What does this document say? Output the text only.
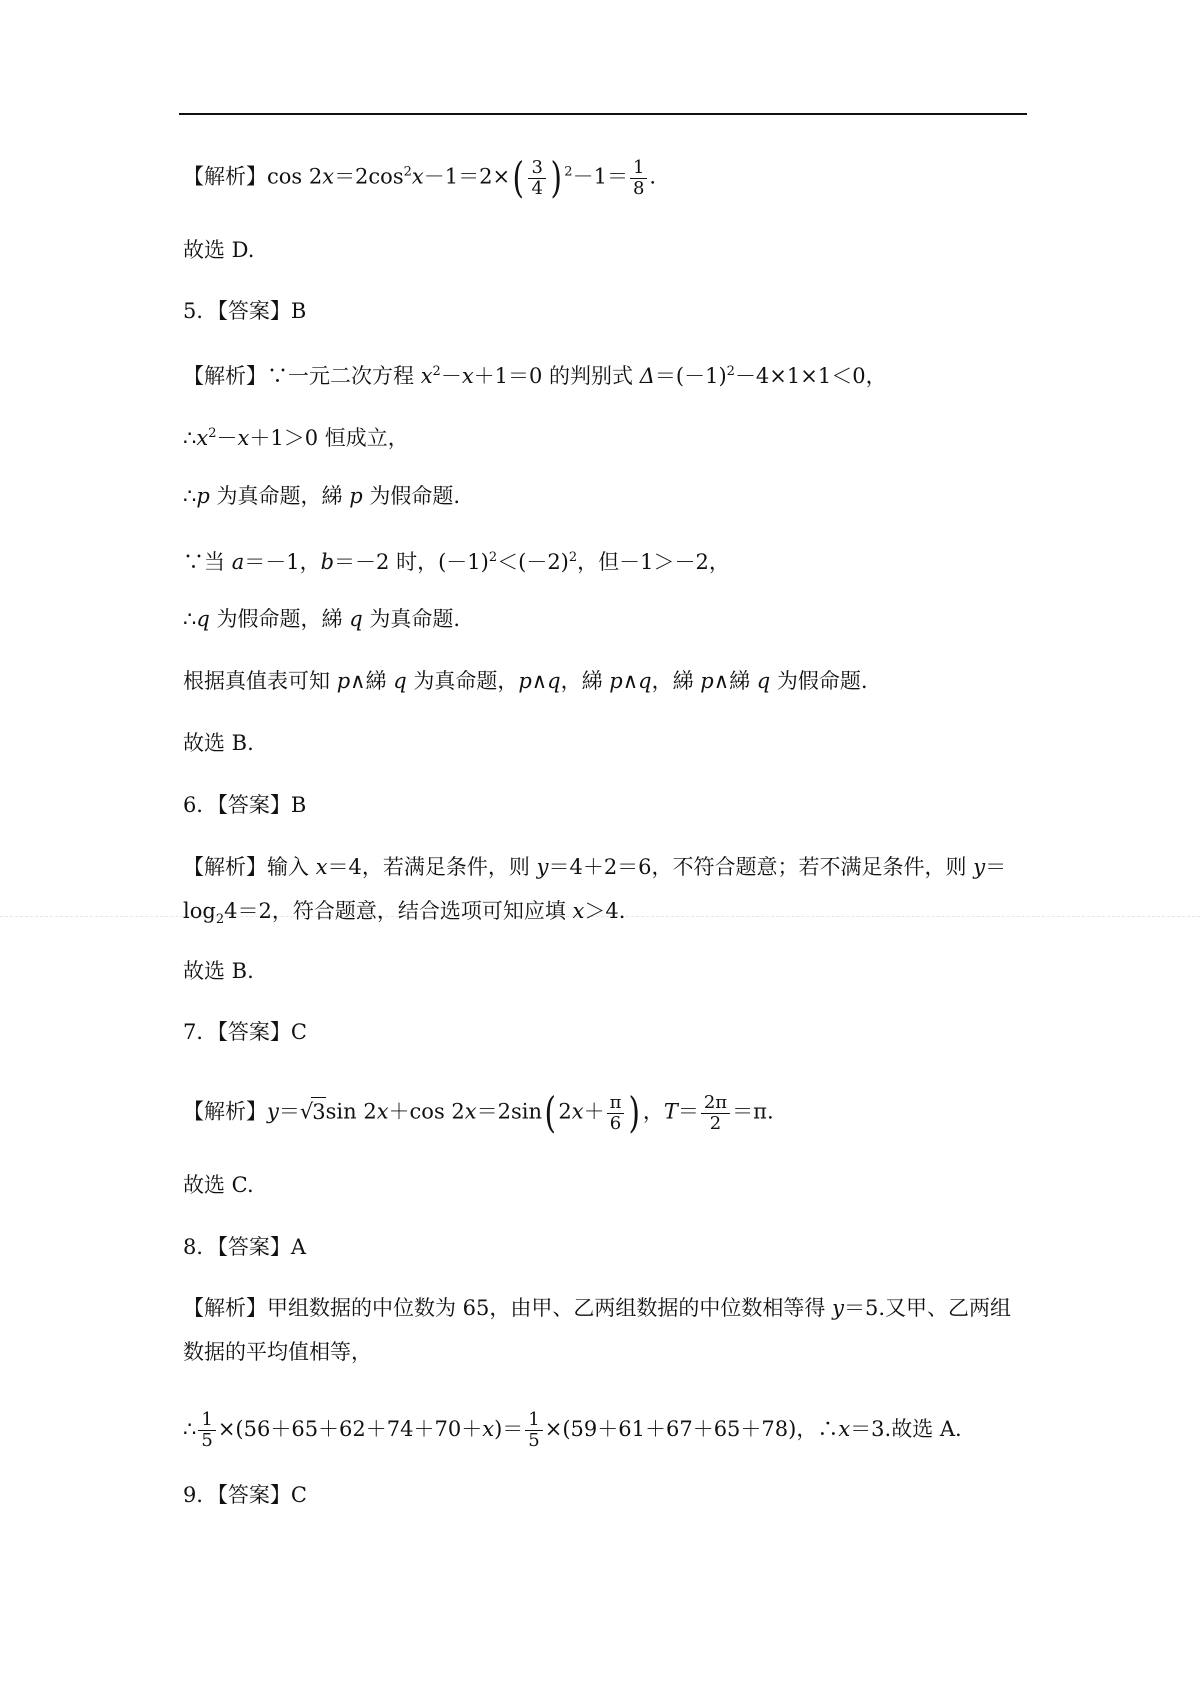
【解析】$\cos 2x=2\cos^2x-1=2\times( \frac{3}{4}$ ) $^2-1= \frac{1}{8}$ .
故选 D.
5．【答案】B
【解析】∵一元二次方程 $x^2-x+1=0$ 的判别式 $\Delta=(-1)^2-4\times 1\times 1<0$，
$\therefore x^2-x+1>0$ 恒成立，
∴p 为真命题，綈 p 为假命题.
∵当 a＝－1，b＝－2 时，$(-1)^2<(-2)^2$，但－1＞－2，
∴q 为假命题，綈 q 为真命题.
根据真值表可知 p∧綈 q 为真命题，p∧q，綈 p∧q，綈 p∧綈 q 为假命题.
故选 B.
6．【答案】B
【解析】输入 x＝4，若满足条件，则 y＝4＋2＝6，不符合题意；若不满足条件，则 y＝
$\log_24=2$，符合题意，结合选项可知应填 x＞4.
故选 B.
7．【答案】C
【解析】y＝√3sin 2x＋cos 2x＝2sin( $2x+ \frac{\pi}{6}$ ) ，$T= \frac{2\pi}{2} =\pi$.
故选 C.
8．【答案】A
【解析】甲组数据的中位数为 65，由甲、乙两组数据的中位数相等得 y＝5.又甲、乙两组
数据的平均值相等，
∴ $\frac{1}{5} \times(56+65+62+74+70+x)= \frac{1}{5} \times(59+61+67+65+78)$，∴x＝3.故选 A.
9．【答案】C
